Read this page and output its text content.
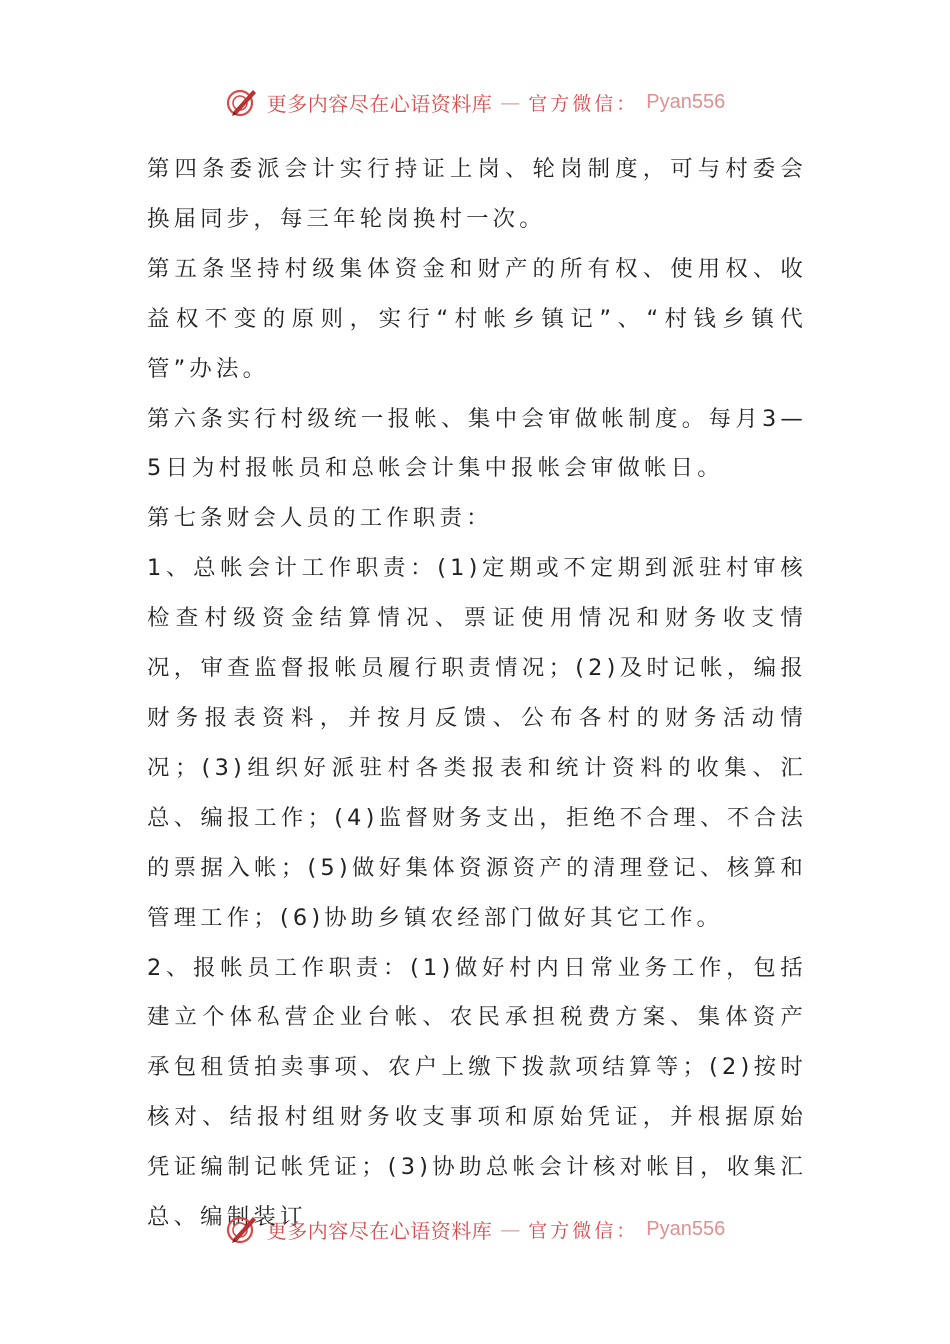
更多内容尽在心语资料库 — 官方微信： Pyan556

第四条委派会计实行持证上岗、轮岗制度，可与村委会换届同步，每三年轮岗换村一次。

第五条坚持村级集体资金和财产的所有权、使用权、收益权不变的原则，实行“村帐乡镇记”、“村钱乡镇代管”办法。

第六条实行村级统一报帐、集中会审做帐制度。每月3—5日为村报帐员和总帐会计集中报帐会审做帐日。

第七条财会人员的工作职责：

1、总帐会计工作职责：(1)定期或不定期到派驻村审核检查村级资金结算情况、票证使用情况和财务收支情况，审查监督报帐员履行职责情况；(2)及时记帐，编报财务报表资料，并按月反馈、公布各村的财务活动情况；(3)组织好派驻村各类报表和统计资料的收集、汇总、编报工作；(4)监督财务支出，拒绝不合理、不合法的票据入帐；(5)做好集体资源资产的清理登记、核算和管理工作；(6)协助乡镇农经部门做好其它工作。

2、报帐员工作职责：(1)做好村内日常业务工作，包括建立个体私营企业台帐、农民承担税费方案、集体资产承包租赁拍卖事项、农户上缴下拨款项结算等；(2)按时核对、结报村组财务收支事项和原始凭证，并根据原始凭证编制记帐凭证；(3)协助总帐会计核对帐目，收集汇总、编制装订

更多内容尽在心语资料库 — 官方微信： Pyan556
